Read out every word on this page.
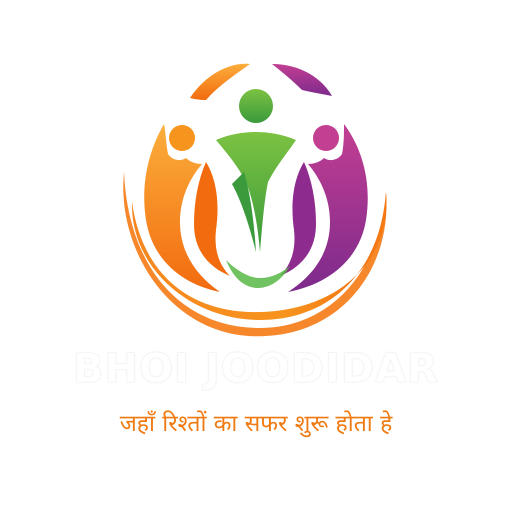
BHOI JOODIDAR
जहाँ रिश्तों का सफर शुरू होता हे
